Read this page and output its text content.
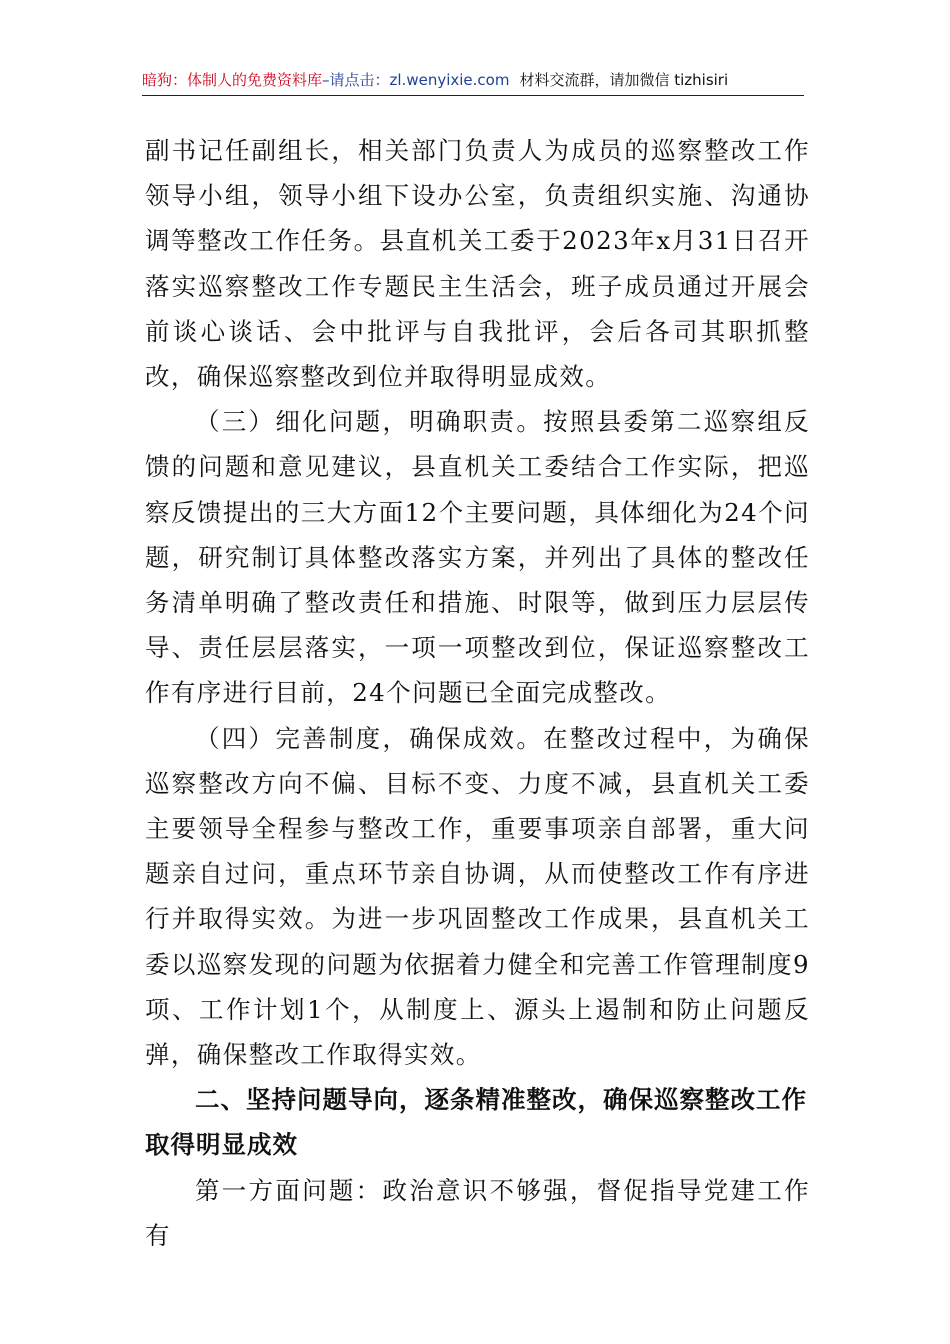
暗狗：体制人的免费资料库–请点击：zl.wenyixie.com 材料交流群，请加微信 tizhisiri

副书记任副组长，相关部门负责人为成员的巡察整改工作领导小组，领导小组下设办公室，负责组织实施、沟通协调等整改工作任务。县直机关工委于2023年x月31日召开落实巡察整改工作专题民主生活会，班子成员通过开展会前谈心谈话、会中批评与自我批评，会后各司其职抓整改，确保巡察整改到位并取得明显成效。

（三）细化问题，明确职责。按照县委第二巡察组反馈的问题和意见建议，县直机关工委结合工作实际，把巡察反馈提出的三大方面12个主要问题，具体细化为24个问题，研究制订具体整改落实方案，并列出了具体的整改任务清单明确了整改责任和措施、时限等，做到压力层层传导、责任层层落实，一项一项整改到位，保证巡察整改工作有序进行目前，24个问题已全面完成整改。

（四）完善制度，确保成效。在整改过程中，为确保巡察整改方向不偏、目标不变、力度不减，县直机关工委主要领导全程参与整改工作，重要事项亲自部署，重大问题亲自过问，重点环节亲自协调，从而使整改工作有序进行并取得实效。为进一步巩固整改工作成果，县直机关工委以巡察发现的问题为依据着力健全和完善工作管理制度9项、工作计划1个，从制度上、源头上遏制和防止问题反弹，确保整改工作取得实效。

二、坚持问题导向，逐条精准整改，确保巡察整改工作取得明显成效

第一方面问题：政治意识不够强，督促指导党建工作有
